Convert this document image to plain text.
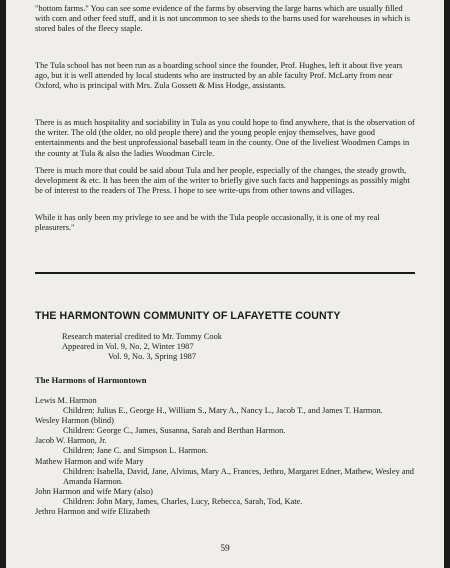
"bottom farms." You can see some evidence of the farms by observing the large barns which are usually filled with corn and other feed stuff, and it is not uncommon to see sheds to the barns used for warehouses in which is stored bales of the fleecy staple.

The Tula school has not been run as a boarding school since the founder, Prof. Hughes, left it about five years ago, but it is well attended by local students who are instructed by an able faculty Prof. McLarty from near Oxford, who is principal with Mrs. Zula Gossett & Miss Hodge, assistants.

There is as much hospitality and sociability in Tula as you could hope to find anywhere, that is the observation of the writer. The old (the older, no old people there) and the young people enjoy themselves, have good entertainments and the best unprofessional baseball team in the county. One of the liveliest Woodmen Camps in the county at Tula & also the ladies Woodman Circle.

There is much more that could be said about Tula and her people, especially of the changes, the steady growth, development & etc. It has been the aim of the writer to briefly give such facts and happenings as possibly might be of interest to the readers of The Press. I hope to see write-ups from other towns and villages.

While it has only been my privlege to see and be with the Tula people occasionally, it is one of my real pleasurers."

THE HARMONTOWN COMMUNITY OF LAFAYETTE COUNTY
Research material credited to Mr. Tommy Cook
Appeared in Vol. 9, No. 2, Winter 1987
Vol. 9, No. 3, Spring 1987
The Harmons of Harmontown
Lewis M. Harmon
Children: Julius E., George H., William S., Mary A., Nancy L., Jacob T., and James T. Harmon.
Wesley Harmon (blind)
Children: George C., James, Susanna, Sarah and Berthan Harmon.
Jacob W. Harmon, Jr.
Children: Jane C. and Simpson L. Harmon.
Mathew Harmon and wife Mary
Children: Isabella, David, Jane, Alvinus, Mary A., Frances, Jethro, Margaret Edner, Mathew, Wesley and Amanda Harmon.
John Harmon and wife Mary (also)
Children: John Mary, James, Charles, Lucy, Rebecca, Sarah, Tod, Kate.
Jethro Harmon and wife Elizabeth
59
